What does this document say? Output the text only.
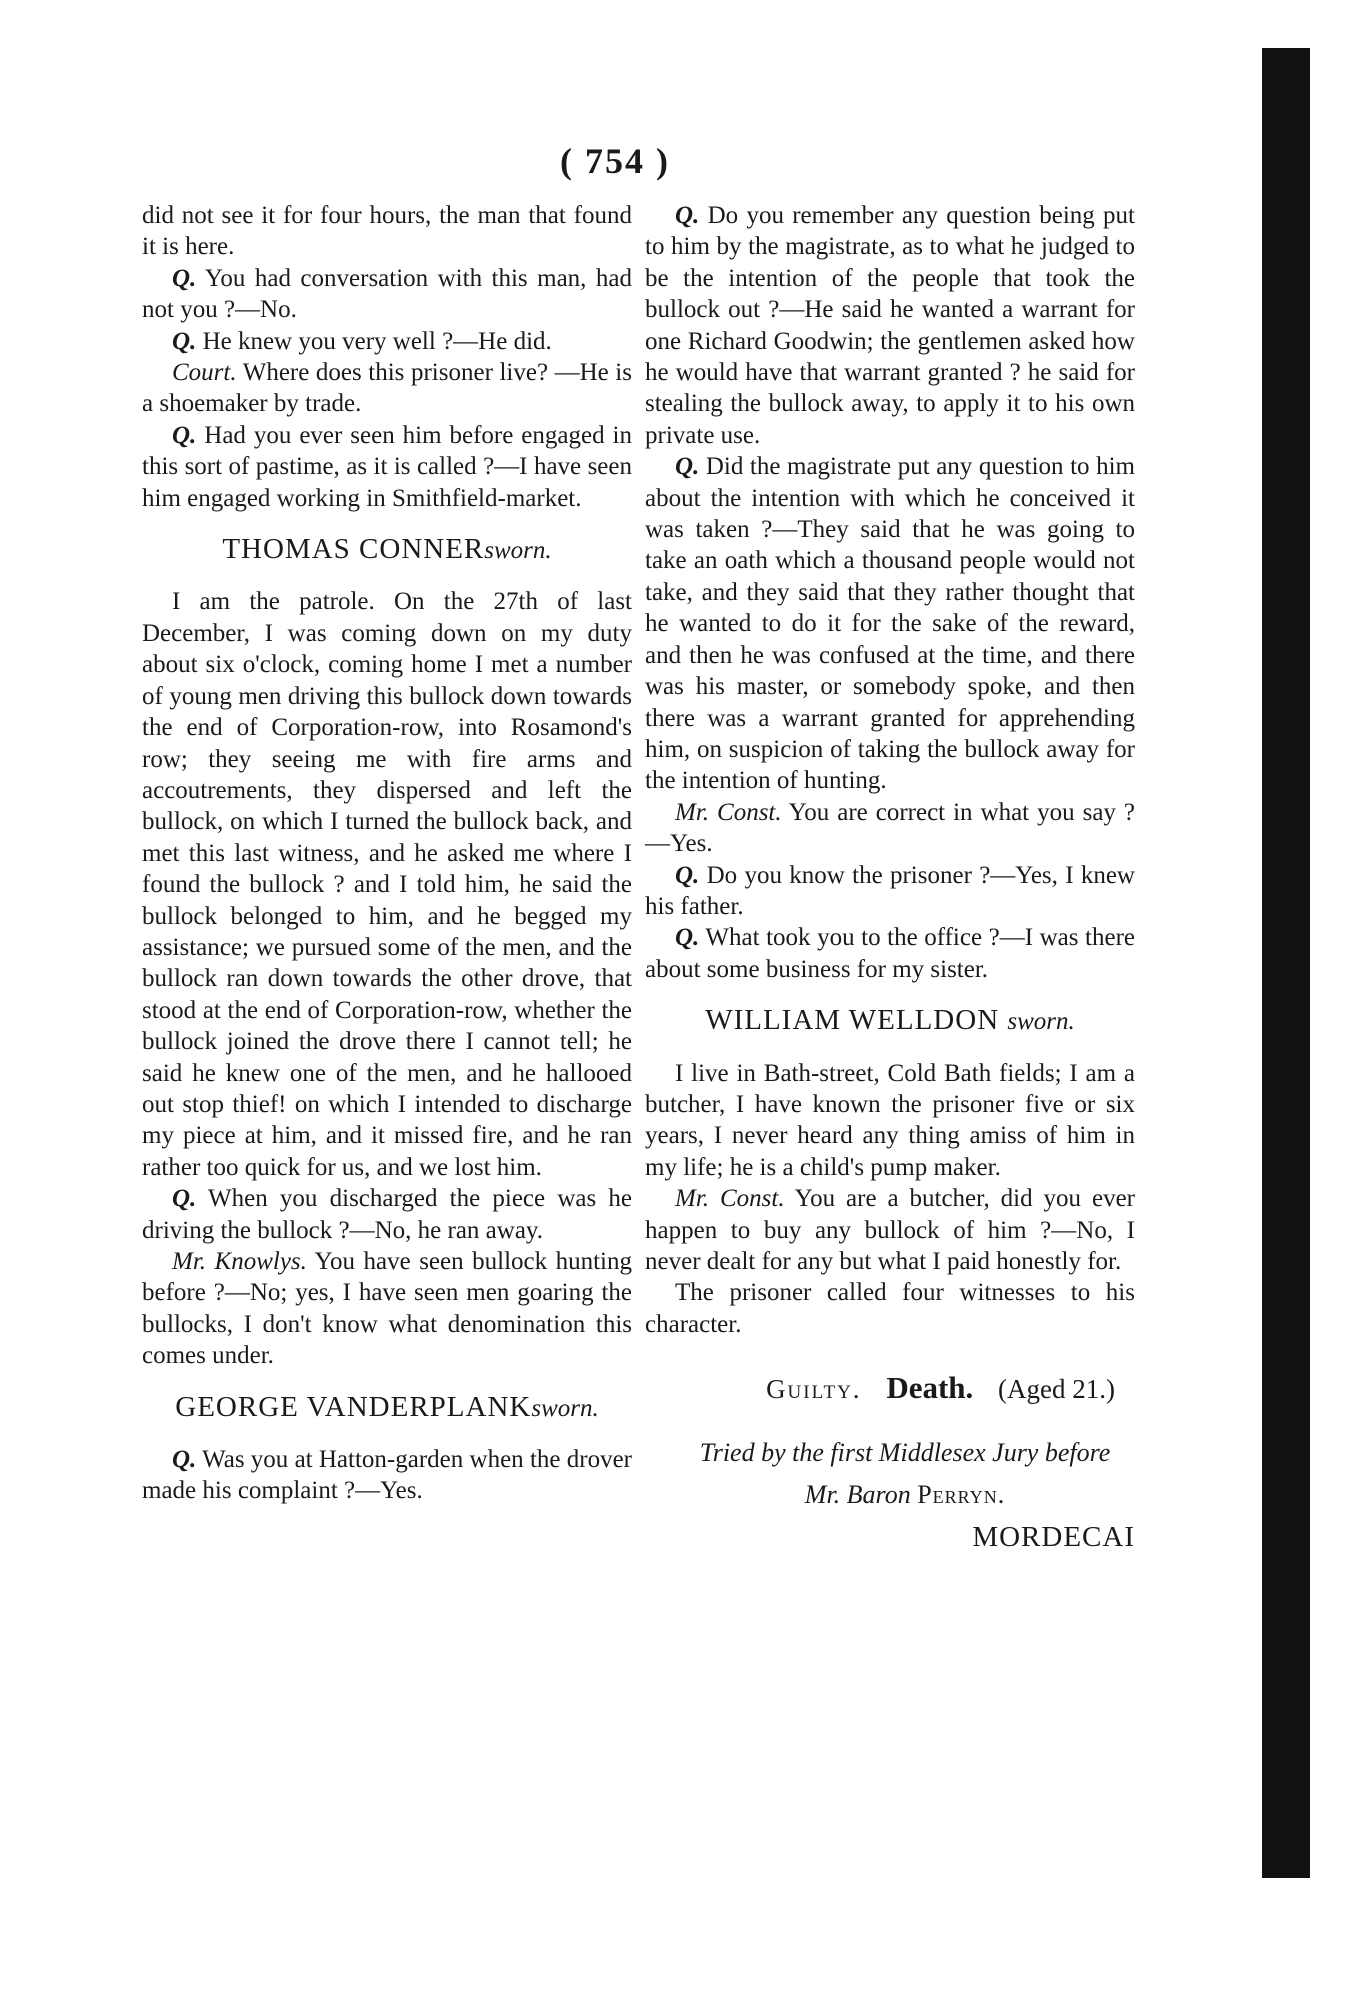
( 754 )

did not see it for four hours, the man that found it is here.

Q. You had conversation with this man, had not you ?—No.

Q. He knew you very well ?—He did.

Court. Where does this prisoner live? —He is a shoemaker by trade.

Q. Had you ever seen him before engaged in this sort of pastime, as it is called ?—I have seen him engaged working in Smithfield-market.

THOMAS CONNERsworn.

I am the patrole. On the 27th of last December, I was coming down on my duty about six o'clock, coming home I met a number of young men driving this bullock down towards the end of Corporation-row, into Rosamond's row; they seeing me with fire arms and accoutrements, they dispersed and left the bullock, on which I turned the bullock back, and met this last witness, and he asked me where I found the bullock ? and I told him, he said the bullock belonged to him, and he begged my assistance; we pursued some of the men, and the bullock ran down towards the other drove, that stood at the end of Corporation-row, whether the bullock joined the drove there I cannot tell; he said he knew one of the men, and he hallooed out stop thief! on which I intended to discharge my piece at him, and it missed fire, and he ran rather too quick for us, and we lost him.

Q. When you discharged the piece was he driving the bullock ?—No, he ran away.

Mr. Knowlys. You have seen bullock hunting before ?—No; yes, I have seen men goaring the bullocks, I don't know what denomination this comes under.

GEORGE VANDERPLANKsworn.

Q. Was you at Hatton-garden when the drover made his complaint ?—Yes.

Q. Do you remember any question being put to him by the magistrate, as to what he judged to be the intention of the people that took the bullock out ?—He said he wanted a warrant for one Richard Goodwin; the gentlemen asked how he would have that warrant granted ? he said for stealing the bullock away, to apply it to his own private use.

Q. Did the magistrate put any question to him about the intention with which he conceived it was taken ?—They said that he was going to take an oath which a thousand people would not take, and they said that they rather thought that he wanted to do it for the sake of the reward, and then he was confused at the time, and there was his master, or somebody spoke, and then there was a warrant granted for apprehending him, on suspicion of taking the bullock away for the intention of hunting.

Mr. Const. You are correct in what you say ?—Yes.

Q. Do you know the prisoner ?—Yes, I knew his father.

Q. What took you to the office ?—I was there about some business for my sister.

WILLIAM WELLDON sworn.

I live in Bath-street, Cold Bath fields; I am a butcher, I have known the prisoner five or six years, I never heard any thing amiss of him in my life; he is a child's pump maker.

Mr. Const. You are a butcher, did you ever happen to buy any bullock of him ?—No, I never dealt for any but what I paid honestly for.

The prisoner called four witnesses to his character.

Guilty. Death. (Aged 21.)

Tried by the first Middlesex Jury before

Mr. Baron Perryn.

MORDECAI
